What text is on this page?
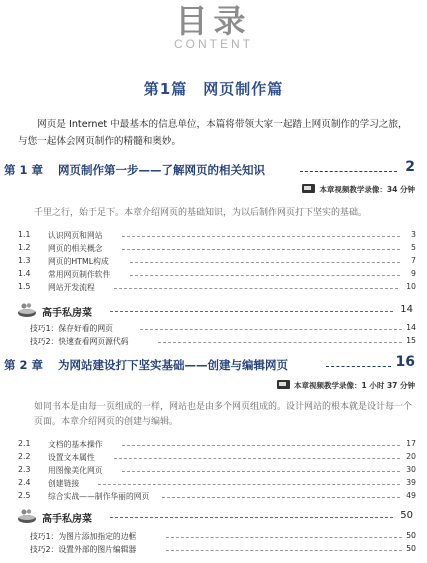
目录
CONTENT
第1篇　网页制作篇
网页是 Internet 中最基本的信息单位，本篇将带领大家一起踏上网页制作的学习之旅，与您一起体会网页制作的精髓和奥妙。
第 1 章 网页制作第一步——了解网页的相关知识	2
本章视频教学录像：34 分钟
千里之行，始于足下。本章介绍网页的基础知识，为以后制作网页打下坚实的基础。
1.1	认识网页和网站	3
1.2	网页的相关概念	5
1.3	网页的HTML构成	7
1.4	常用网页制作软件	9
1.5	网站开发流程	10
高手私房菜	14
技巧1：保存好看的网页	14
技巧2：快速查看网页源代码	15
第 2 章 为网站建设打下坚实基础——创建与编辑网页	16
本章视频教学录像：1 小时 37 分钟
如同书本是由每一页组成的一样，网站也是由多个网页组成的。设计网站的根本就是设计每一个页面。本章介绍网页的创建与编辑。
2.1	文档的基本操作	17
2.2	设置文本属性	20
2.3	用图像美化网页	30
2.4	创建链接	39
2.5	综合实战——制作华丽的网页	49
高手私房菜	50
技巧1：为图片添加指定的边框	50
技巧2：设置外部的图片编辑器	50
